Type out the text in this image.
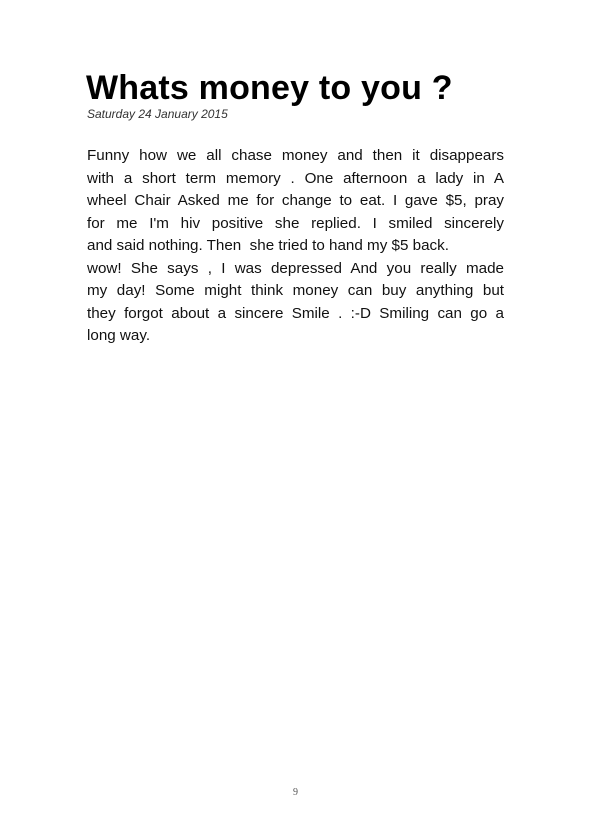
Whats money to you ?
Saturday 24 January 2015
Funny how we all chase money and then it disappears
with a short term memory . One afternoon a lady in A
wheel Chair Asked me for change to eat. I gave $5, pray
for me I'm hiv positive she replied. I smiled sincerely
and said nothing. Then  she tried to hand my $5 back.
wow! She says , I was depressed And you really made
my day! Some might think money can buy anything but
they forgot about a sincere Smile . :-D Smiling can go a
long way.
9
